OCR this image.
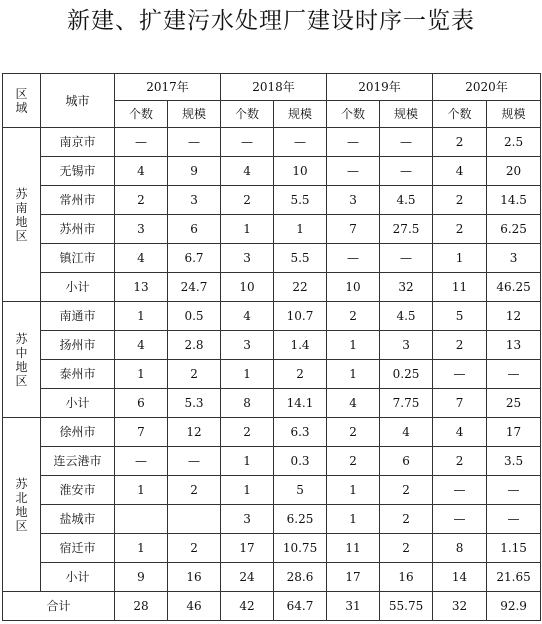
新建、扩建污水处理厂建设时序一览表
区
域	城市	2017年		2018年		2019年		2020年	
		个数	规模	个数	规模	个数	规模	个数	规模

苏
南
地
区	南京市	—	—	—	—	—	—	2	2.5
	无锡市	4	9	4	10	—	—	4	20
	常州市	2	3	2	5.5	3	4.5	2	14.5
	苏州市	3	6	1	1	7	27.5	2	6.25
	镇江市	4	6.7	3	5.5	—	—	1	3
	小计	13	24.7	10	22	10	32	11	46.25

苏
中
地
区	南通市	1	0.5	4	10.7	2	4.5	5	12
	扬州市	4	2.8	3	1.4	1	3	2	13
	泰州市	1	2	1	2	1	0.25	—	—
	小计	6	5.3	8	14.1	4	7.75	7	25

苏
北
地
区	徐州市	7	12	2	6.3	2	4	4	17
	连云港市	—	—	1	0.3	2	6	2	3.5
	淮安市	1	2	1	5	1	2	—	—
	盐城市			3	6.25	1	2	—	—
	宿迁市	1	2	17	10.75	11	2	8	1.15
	小计	9	16	24	28.6	17	16	14	21.65
合计		28	46	42	64.7	31	55.75	32	92.9
